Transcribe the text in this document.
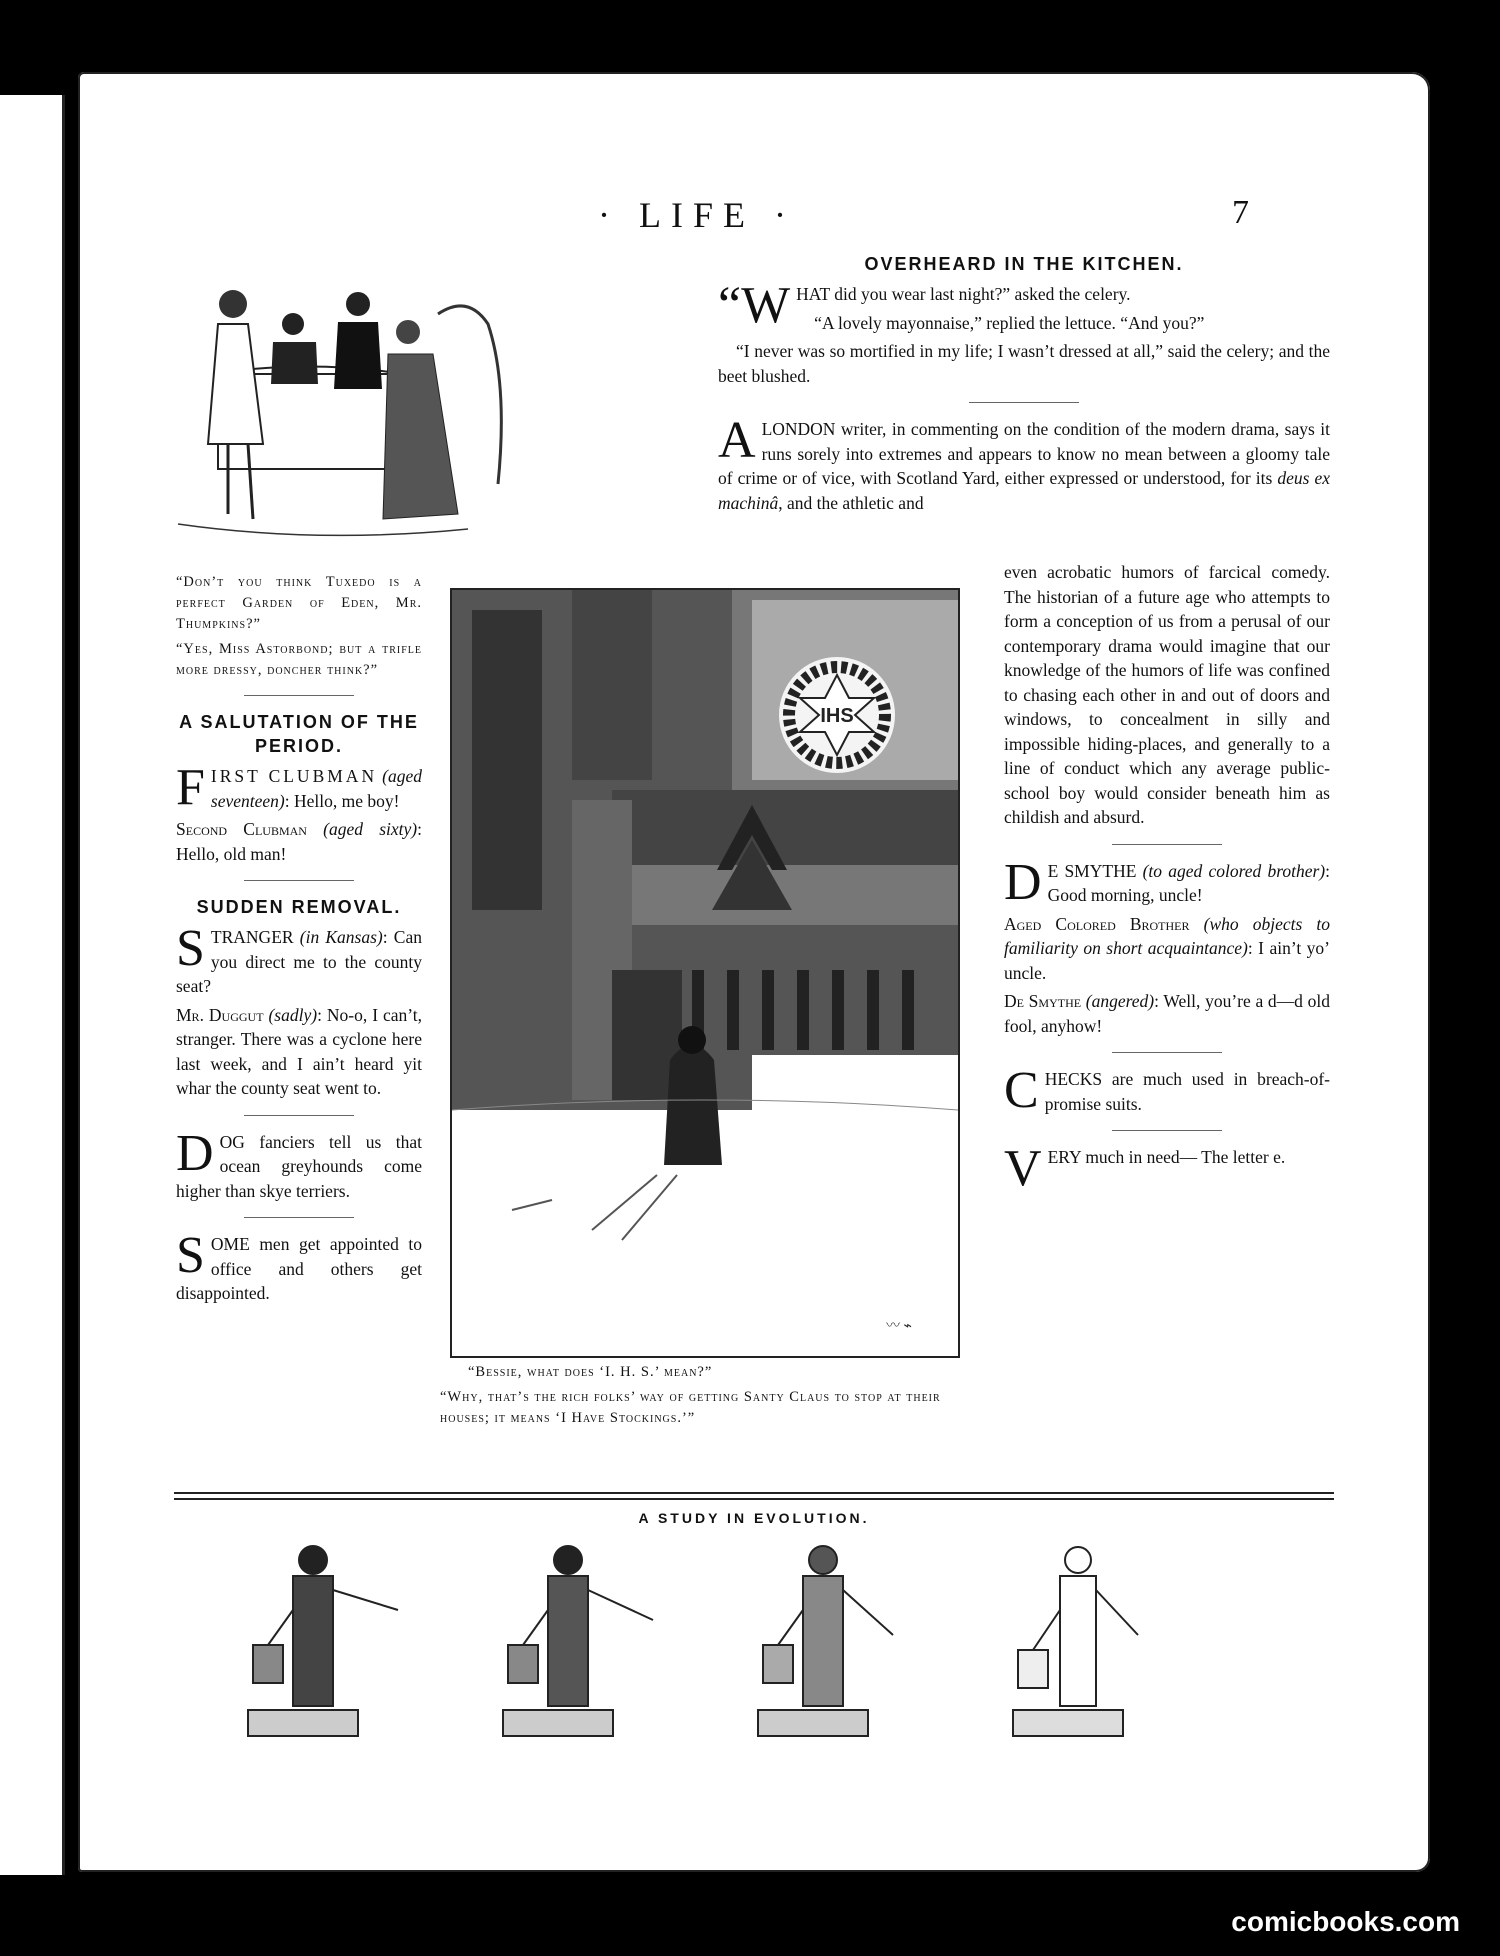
· LIFE ·	7

“Don’t you think Tuxedo is a perfect Garden of Eden, Mr. Thumpkins?”

“Yes, Miss Astorbond; but a trifle more dressy, doncher think?”

A SALUTATION OF THE PERIOD.

FIRST CLUBMAN (aged seventeen): Hello, me boy!

Second Clubman (aged sixty): Hello, old man!

SUDDEN REMOVAL.

STRANGER (in Kansas): Can you direct me to the county seat?

Mr. Duggut (sadly): No-o, I can’t, stranger. There was a cyclone here last week, and I ain’t heard yit whar the county seat went to.

DOG fanciers tell us that ocean greyhounds come higher than skye terriers.

SOME men get appointed to office and others get disappointed.

〰 ⌁
IHS

“Bessie, what does ‘I. H. S.’ mean?”

“Why, that’s the rich folks’ way of getting Santy Claus to stop at their houses; it means ‘I Have Stockings.’”

OVERHEARD IN THE KITCHEN.

“WHAT did you wear last night?” asked the celery.

“A lovely mayonnaise,” replied the lettuce. “And you?”

“I never was so mortified in my life; I wasn’t dressed at all,” said the celery; and the beet blushed.

ALONDON writer, in commenting on the condition of the modern drama, says it runs sorely into extremes and appears to know no mean between a gloomy tale of crime or of vice, with Scotland Yard, either expressed or understood, for its deus ex machinâ, and the athletic and

even acrobatic humors of farcical comedy. The historian of a future age who attempts to form a conception of us from a perusal of our contemporary drama would imagine that our knowledge of the humors of life was confined to chasing each other in and out of doors and windows, to concealment in silly and impossible hiding-places, and generally to a line of conduct which any average public-school boy would consider beneath him as childish and absurd.

D E SMYTHE (to aged colored brother): Good morning, uncle!

Aged Colored Brother (who objects to familiarity on short acquaintance): I ain’t yo’ uncle.

De Smythe (angered): Well, you’re a d—d old fool, anyhow!

CHECKS are much used in breach-of-promise suits.

VERY much in need— The letter e.

A STUDY IN EVOLUTION.
comicbooks.com
